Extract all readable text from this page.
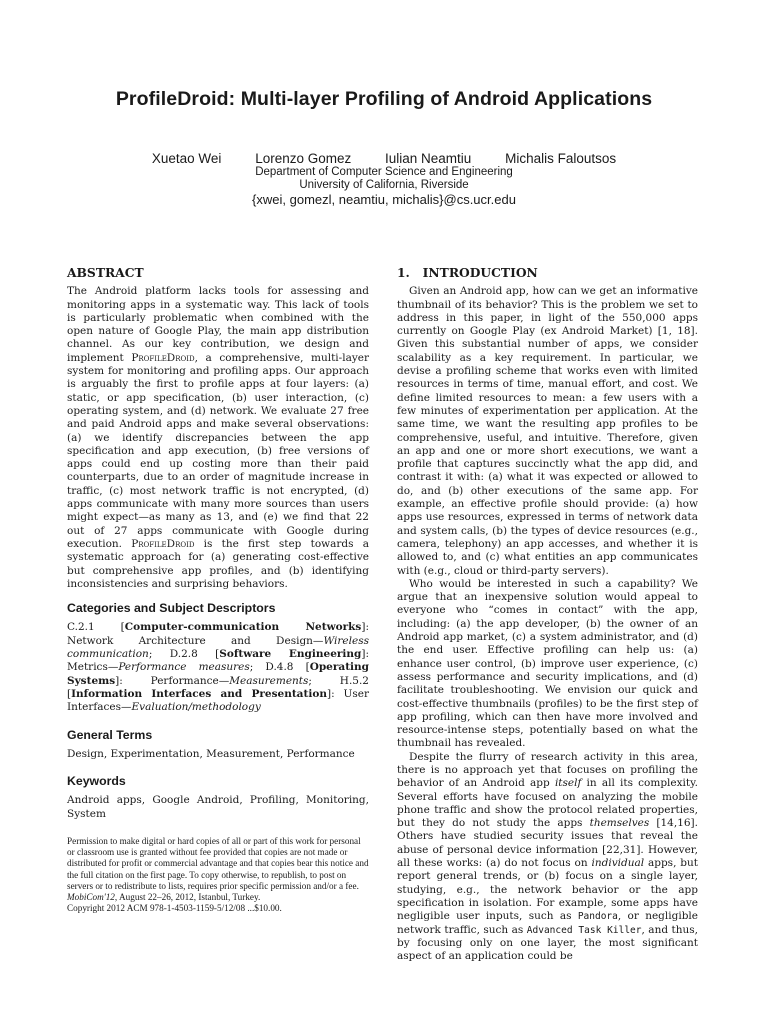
ProfileDroid: Multi-layer Profiling of Android Applications
Xuetao Wei	Lorenzo Gomez	Iulian Neamtiu	Michalis Faloutsos
Department of Computer Science and Engineering
University of California, Riverside
{xwei, gomezl, neamtiu, michalis}@cs.ucr.edu
ABSTRACT

The Android platform lacks tools for assessing and monitoring apps in a systematic way. This lack of tools is particularly problematic when combined with the open nature of Google Play, the main app distribution channel. As our key contribution, we design and implement ProfileDroid, a comprehensive, multi-layer system for monitoring and profiling apps. Our approach is arguably the first to profile apps at four layers: (a) static, or app specification, (b) user interaction, (c) operating system, and (d) network. We evaluate 27 free and paid Android apps and make several observations: (a) we identify discrepancies between the app specification and app execution, (b) free versions of apps could end up costing more than their paid counterparts, due to an order of magnitude increase in traffic, (c) most network traffic is not encrypted, (d) apps communicate with many more sources than users might expect—as many as 13, and (e) we find that 22 out of 27 apps communicate with Google during execution. ProfileDroid is the first step towards a systematic approach for (a) generating cost-effective but comprehensive app profiles, and (b) identifying inconsistencies and surprising behaviors.

Categories and Subject Descriptors

C.2.1 [Computer-communication Networks]: Network Architecture and Design—Wireless communication; D.2.8 [Software Engineering]: Metrics—Performance measures; D.4.8 [Operating Systems]: Performance—Measurements; H.5.2 [Information Interfaces and Presentation]: User Interfaces—Evaluation/methodology

General Terms

Design, Experimentation, Measurement, Performance

Keywords

Android apps, Google Android, Profiling, Monitoring, System

Permission to make digital or hard copies of all or part of this work for personal or classroom use is granted without fee provided that copies are not made or distributed for profit or commercial advantage and that copies bear this notice and the full citation on the first page. To copy otherwise, to republish, to post on servers or to redistribute to lists, requires prior specific permission and/or a fee.

MobiCom'12, August 22–26, 2012, Istanbul, Turkey.

Copyright 2012 ACM 978-1-4503-1159-5/12/08 ...$10.00.

1.   INTRODUCTION

Given an Android app, how can we get an informative thumbnail of its behavior? This is the problem we set to address in this paper, in light of the 550,000 apps currently on Google Play (ex Android Market) [1, 18]. Given this substantial number of apps, we consider scalability as a key requirement. In particular, we devise a profiling scheme that works even with limited resources in terms of time, manual effort, and cost. We define limited resources to mean: a few users with a few minutes of experimentation per application. At the same time, we want the resulting app profiles to be comprehensive, useful, and intuitive. Therefore, given an app and one or more short executions, we want a profile that captures succinctly what the app did, and contrast it with: (a) what it was expected or allowed to do, and (b) other executions of the same app. For example, an effective profile should provide: (a) how apps use resources, expressed in terms of network data and system calls, (b) the types of device resources (e.g., camera, telephony) an app accesses, and whether it is allowed to, and (c) what entities an app communicates with (e.g., cloud or third-party servers).

Who would be interested in such a capability? We argue that an inexpensive solution would appeal to everyone who “comes in contact” with the app, including: (a) the app developer, (b) the owner of an Android app market, (c) a system administrator, and (d) the end user. Effective profiling can help us: (a) enhance user control, (b) improve user experience, (c) assess performance and security implications, and (d) facilitate troubleshooting. We envision our quick and cost-effective thumbnails (profiles) to be the first step of app profiling, which can then have more involved and resource-intense steps, potentially based on what the thumbnail has revealed.

Despite the flurry of research activity in this area, there is no approach yet that focuses on profiling the behavior of an Android app itself in all its complexity. Several efforts have focused on analyzing the mobile phone traffic and show the protocol related properties, but they do not study the apps themselves [14,16]. Others have studied security issues that reveal the abuse of personal device information [22,31]. However, all these works: (a) do not focus on individual apps, but report general trends, or (b) focus on a single layer, studying, e.g., the network behavior or the app specification in isolation. For example, some apps have negligible user inputs, such as Pandora, or negligible network traffic, such as Advanced Task Killer, and thus, by focusing only on one layer, the most significant aspect of an application could be
